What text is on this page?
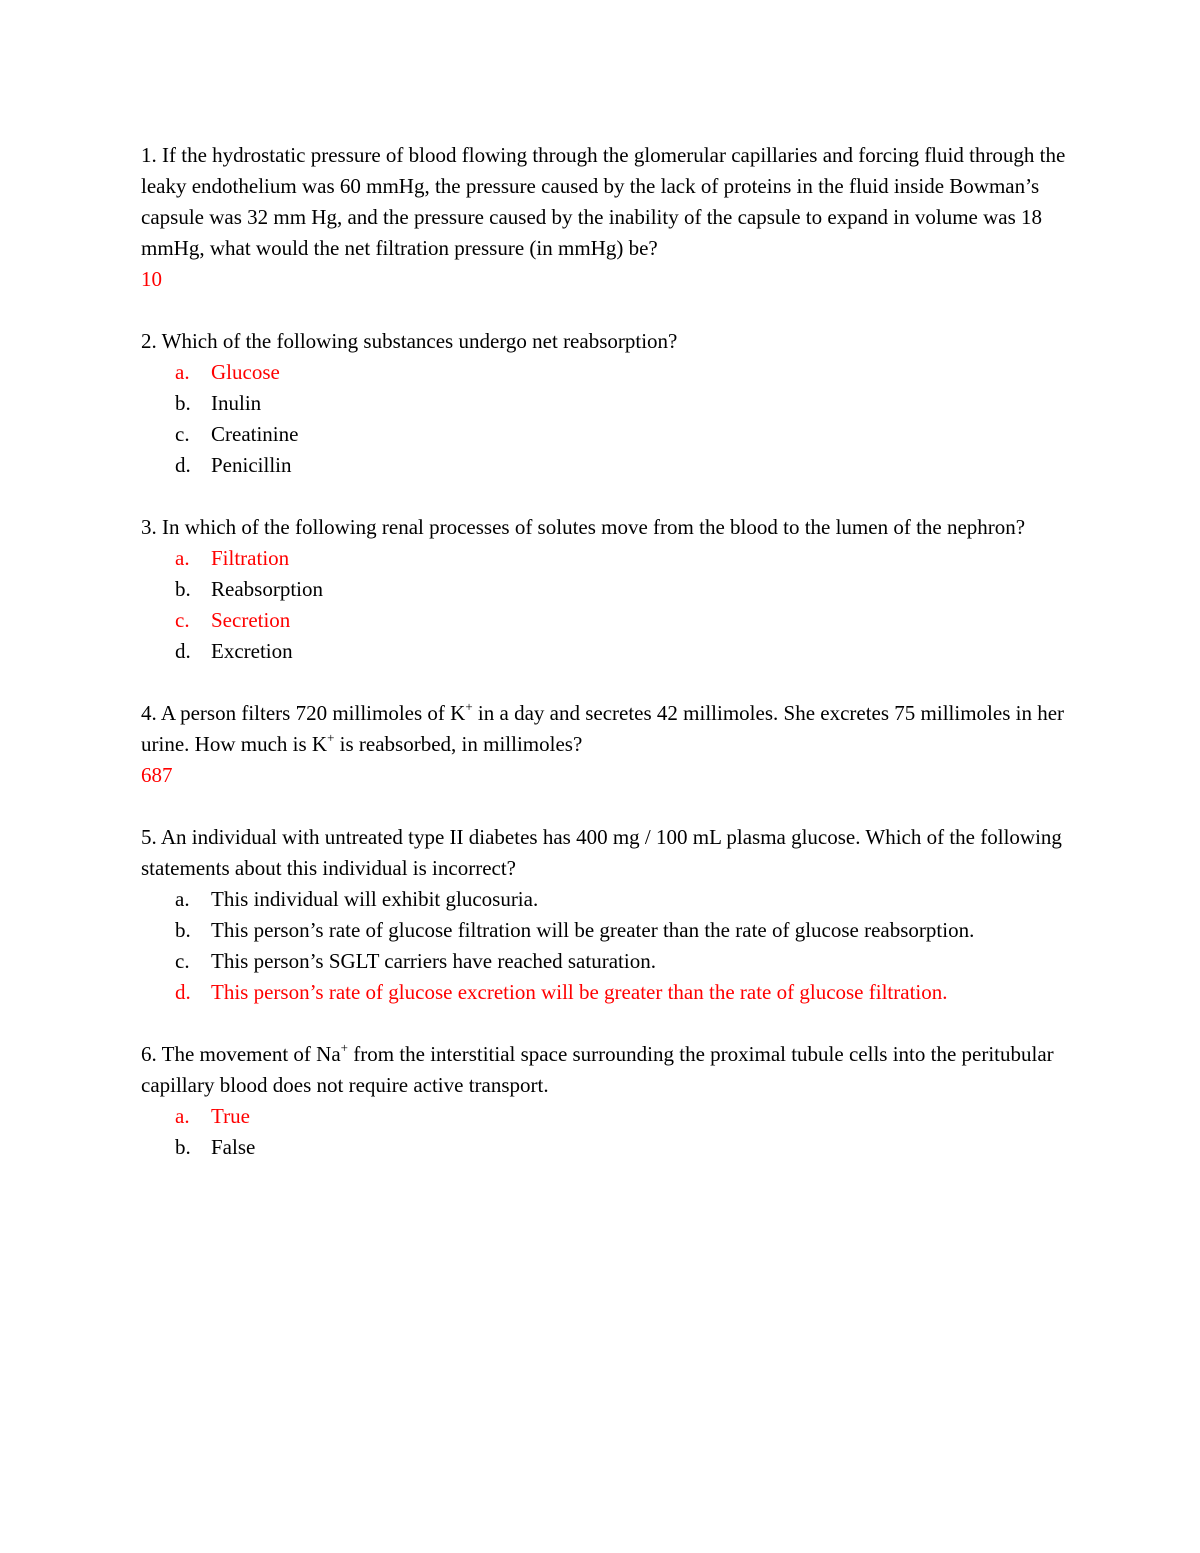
1. If the hydrostatic pressure of blood flowing through the glomerular capillaries and forcing fluid through the leaky endothelium was 60 mmHg, the pressure caused by the lack of proteins in the fluid inside Bowman’s capsule was 32 mm Hg, and the pressure caused by the inability of the capsule to expand in volume was 18 mmHg, what would the net filtration pressure (in mmHg) be?

10

2. Which of the following substances undergo net reabsorption?

a. Glucose
b. Inulin
c. Creatinine
d. Penicillin

3. In which of the following renal processes of solutes move from the blood to the lumen of the nephron?

a. Filtration
b. Reabsorption
c. Secretion
d. Excretion

4. A person filters 720 millimoles of K+ in a day and secretes 42 millimoles. She excretes 75 millimoles in her urine. How much is K+ is reabsorbed, in millimoles?

687

5. An individual with untreated type II diabetes has 400 mg / 100 mL plasma glucose. Which of the following statements about this individual is incorrect?

a. This individual will exhibit glucosuria.
b. This person’s rate of glucose filtration will be greater than the rate of glucose reabsorption.
c. This person’s SGLT carriers have reached saturation.
d. This person’s rate of glucose excretion will be greater than the rate of glucose filtration.

6. The movement of Na+ from the interstitial space surrounding the proximal tubule cells into the peritubular capillary blood does not require active transport.

a. True
b. False
